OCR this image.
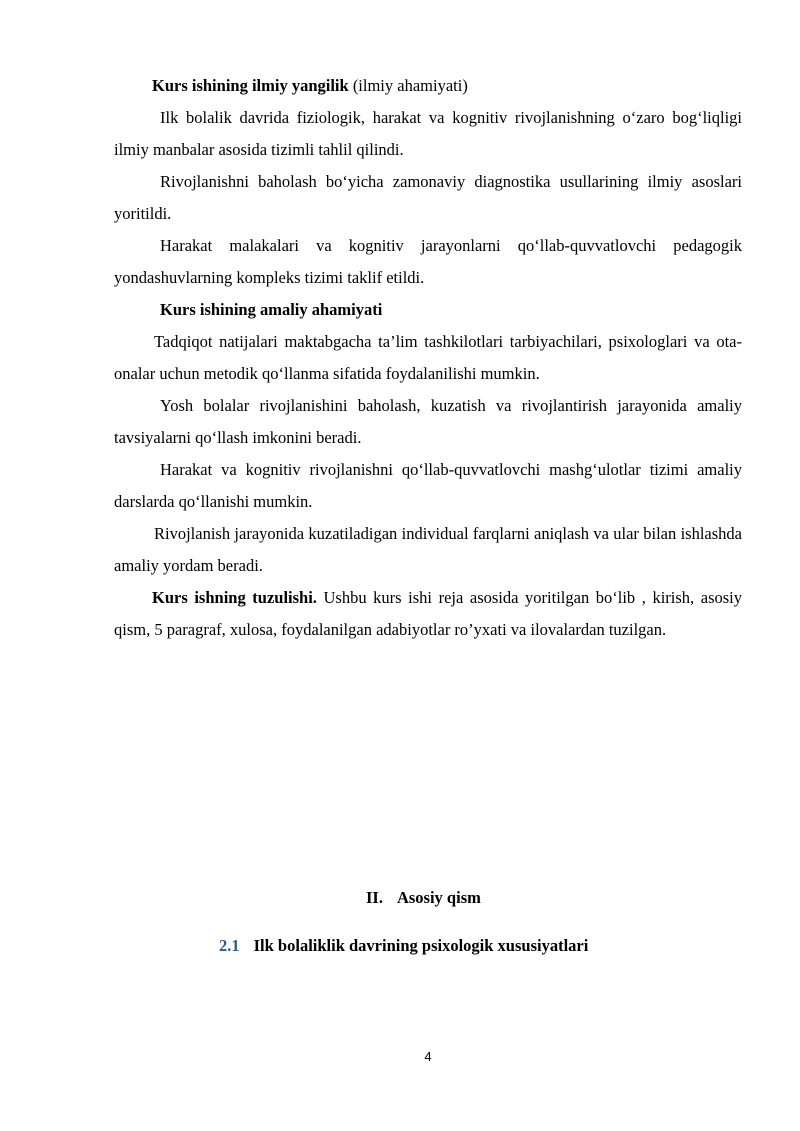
Kurs ishining ilmiy yangilik (ilmiy ahamiyati)

Ilk bolalik davrida fiziologik, harakat va kognitiv rivojlanishning o‘zaro bog‘liqligi ilmiy manbalar asosida tizimli tahlil qilindi.

Rivojlanishni baholash bo‘yicha zamonaviy diagnostika usullarining ilmiy asoslari yoritildi.

Harakat malakalari va kognitiv jarayonlarni qo‘llab-quvvatlovchi pedagogik yondashuvlarning kompleks tizimi taklif etildi.

Kurs ishining amaliy ahamiyati

Tadqiqot natijalari maktabgacha ta’lim tashkilotlari tarbiyachilari, psixologlari va ota-onalar uchun metodik qo‘llanma sifatida foydalanilishi mumkin.

Yosh bolalar rivojlanishini baholash, kuzatish va rivojlantirish jarayonida amaliy tavsiyalarni qo‘llash imkonini beradi.

Harakat va kognitiv rivojlanishni qo‘llab-quvvatlovchi mashg‘ulotlar tizimi amaliy darslarda qo‘llanishi mumkin.

Rivojlanish jarayonida kuzatiladigan individual farqlarni aniqlash va ular bilan ishlashda amaliy yordam beradi.

Kurs ishning tuzulishi. Ushbu kurs ishi reja asosida yoritilgan bo‘lib , kirish, asosiy qism, 5 paragraf, xulosa, foydalanilgan adabiyotlar ro’yxati va ilovalardan tuzilgan.

II. Asosiy qism

2.1 Ilk bolaliklik davrining psixologik xususiyatlari

4
